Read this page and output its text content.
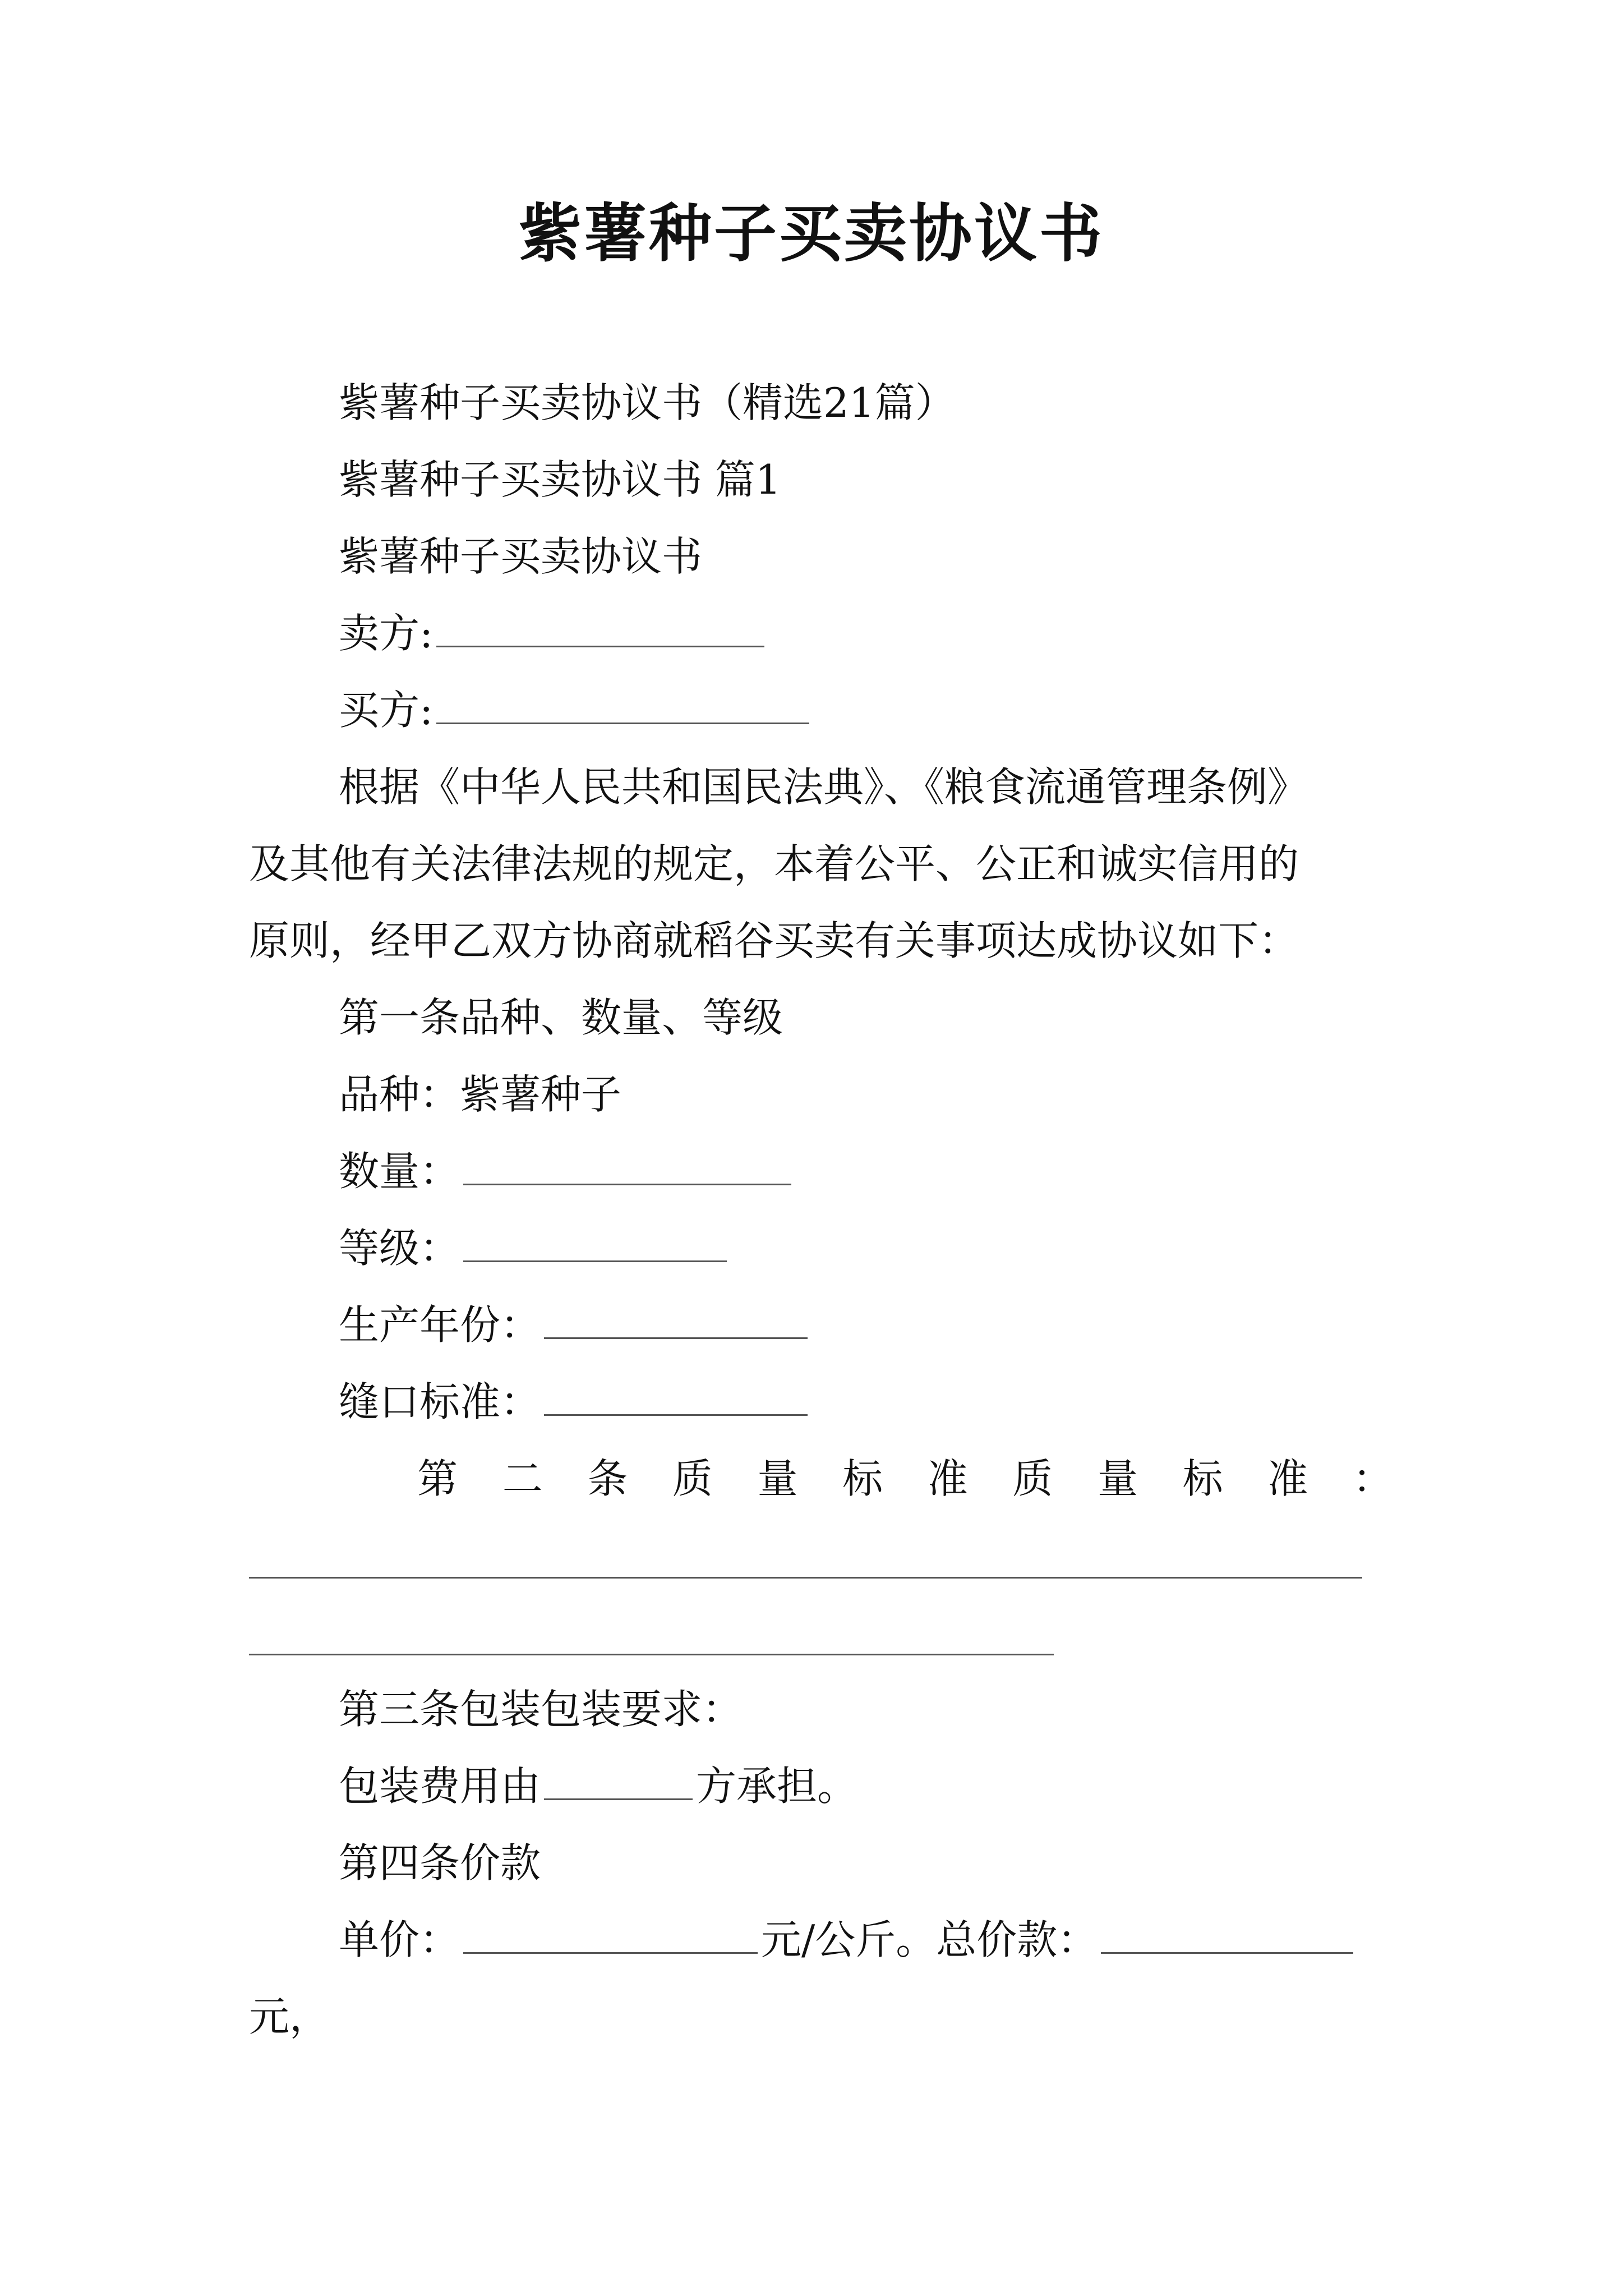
紫薯种子买卖协议书
紫薯种子买卖协议书（精选21篇）
紫薯种子买卖协议书 篇1
紫薯种子买卖协议书
卖方:
买方:
根据《中华人民共和国民法典》、《粮食流通管理条例》
及其他有关法律法规的规定，本着公平、公正和诚实信用的
原则，经甲乙双方协商就稻谷买卖有关事项达成协议如下：
第一条品种、数量、等级
品种：紫薯种子
数量：
等级：
生产年份：
缝口标准：
第 二 条 质 量 标 准 质 量 标 准 ：
第三条包装包装要求：
包装费用由	方承担。
第四条价款
单价：	元/公斤。总价款：
元，
